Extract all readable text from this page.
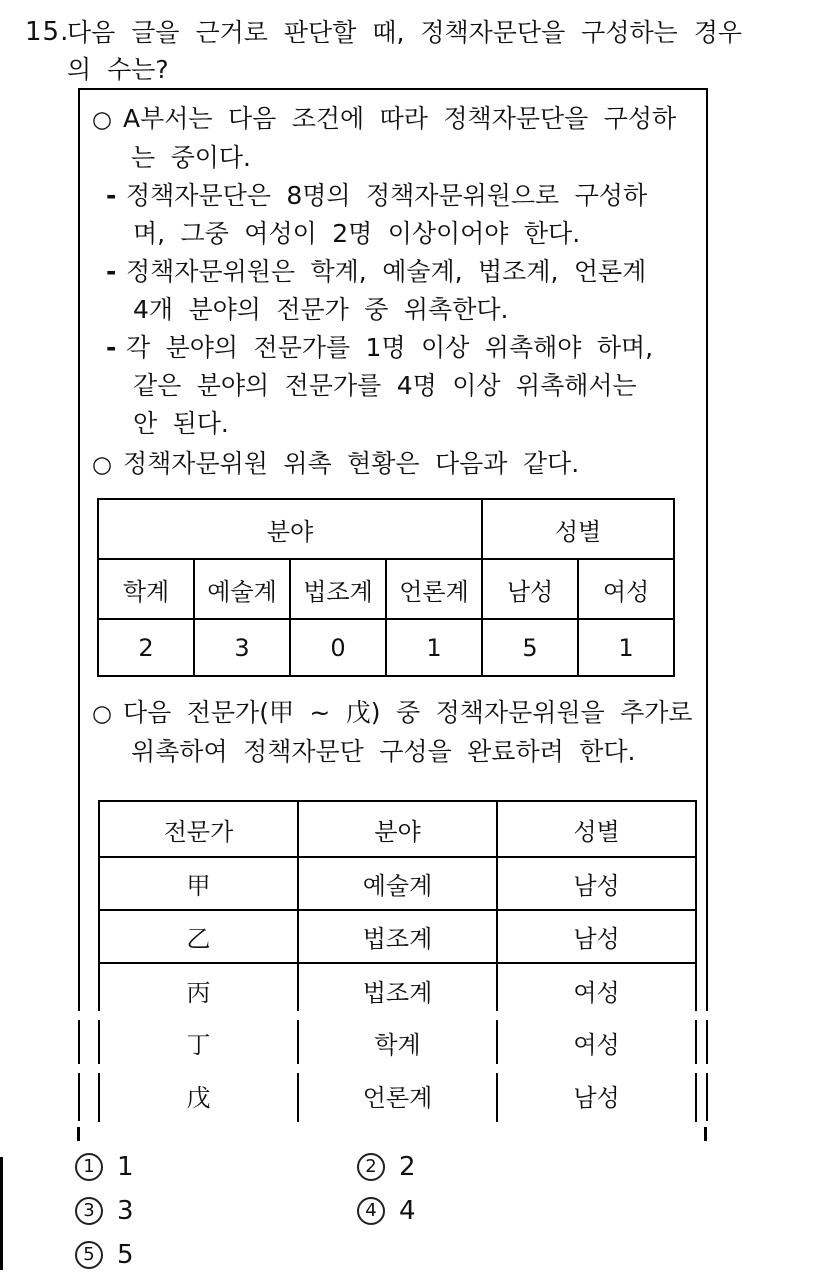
15.
다음 글을 근거로 판단할 때, 정책자문단을 구성하는 경우
의 수는?
○ A부서는 다음 조건에 따라 정책자문단을 구성하
는 중이다.
- 정책자문단은 8명의 정책자문위원으로 구성하
며, 그중 여성이 2명 이상이어야 한다.
- 정책자문위원은 학계, 예술계, 법조계, 언론계
4개 분야의 전문가 중 위촉한다.
- 각 분야의 전문가를 1명 이상 위촉해야 하며,
같은 분야의 전문가를 4명 이상 위촉해서는
안 된다.
○ 정책자문위원 위촉 현황은 다음과 같다.
분야				성별	
학계	예술계	법조계	언론계	남성	여성
2	3	0	1	5	1
○ 다음 전문가(甲 ~ 戊) 중 정책자문위원을 추가로
위촉하여 정책자문단 구성을 완료하려 한다.
전문가	분야	성별
甲	예술계	남성
乙	법조계	남성
丙	법조계	여성
丁	학계	여성
戊	언론계	남성
1 1	2 2
3 3	4 4
5 5
